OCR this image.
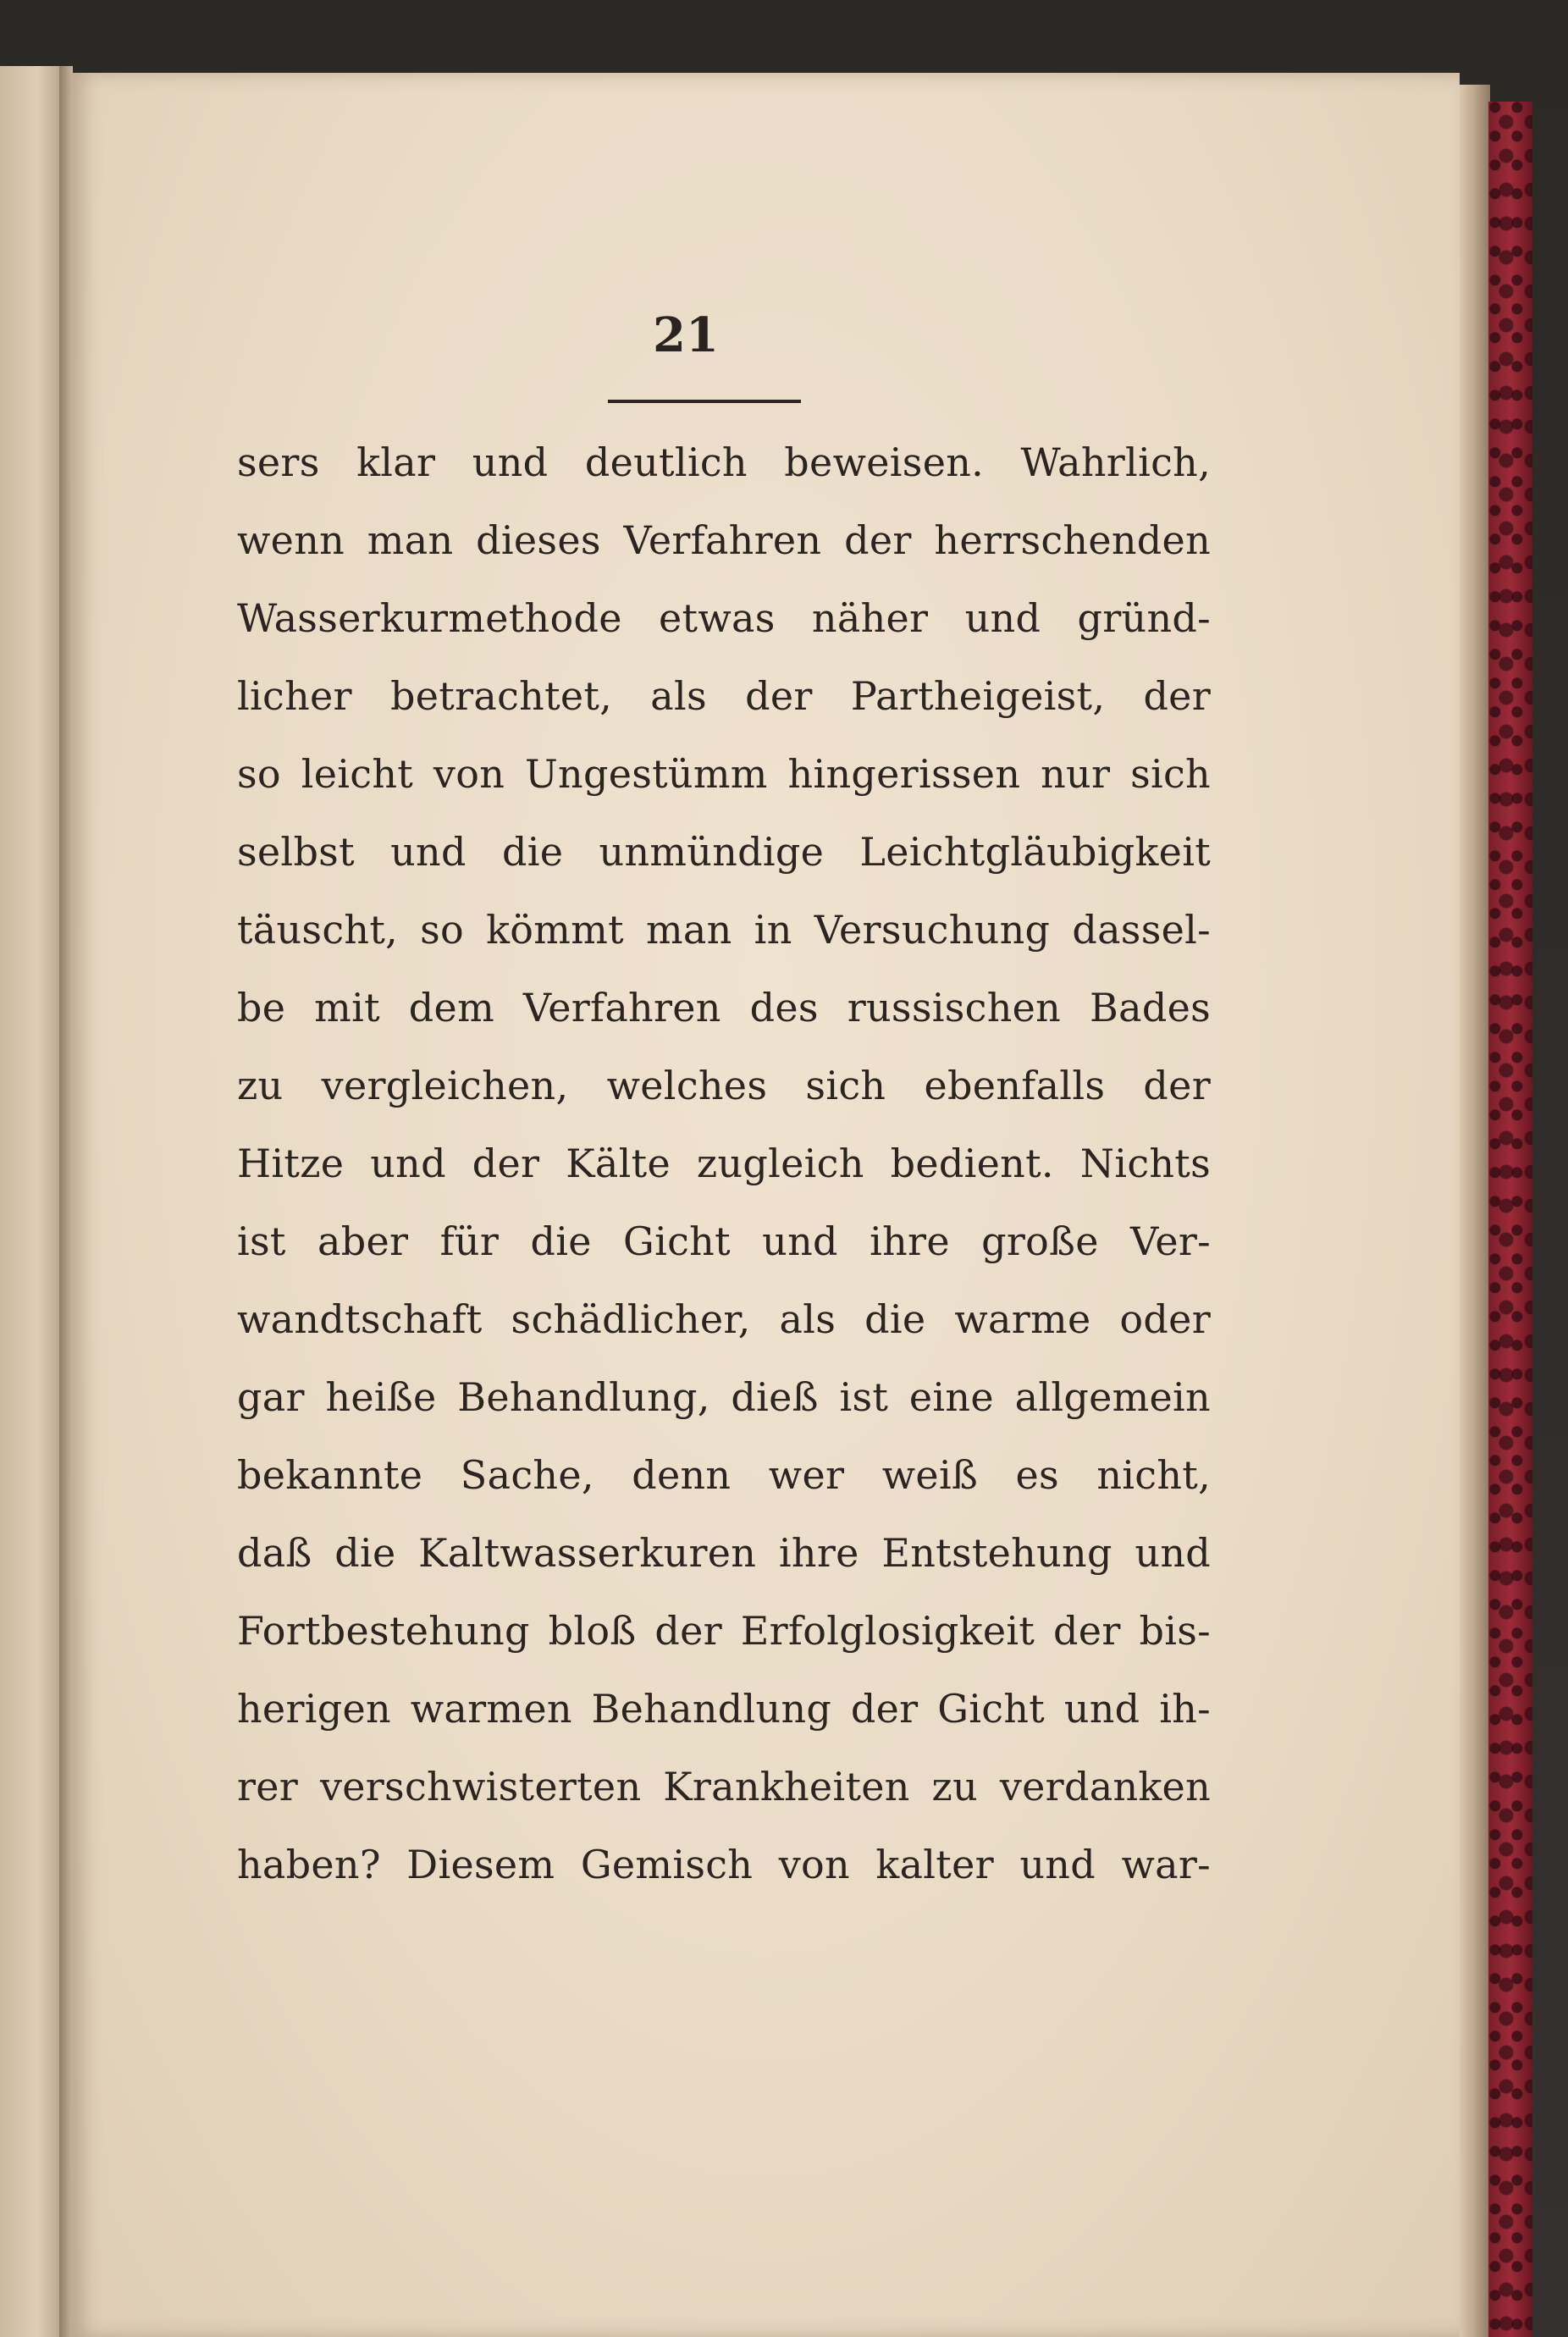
21
sers klar und deutlich beweisen. Wahrlich,
wenn man dieses Verfahren der herrschenden
Wasserkurmethode etwas näher und gründ-
licher betrachtet, als der Partheigeist, der
so leicht von Ungestümm hingerissen nur sich
selbst und die unmündige Leichtgläubigkeit
täuscht, so kömmt man in Versuchung dassel-
be mit dem Verfahren des russischen Bades
zu vergleichen, welches sich ebenfalls der
Hitze und der Kälte zugleich bedient. Nichts
ist aber für die Gicht und ihre große Ver-
wandtschaft schädlicher, als die warme oder
gar heiße Behandlung, dieß ist eine allgemein
bekannte Sache, denn wer weiß es nicht,
daß die Kaltwasserkuren ihre Entstehung und
Fortbestehung bloß der Erfolglosigkeit der bis-
herigen warmen Behandlung der Gicht und ih-
rer verschwisterten Krankheiten zu verdanken
haben? Diesem Gemisch von kalter und war-
